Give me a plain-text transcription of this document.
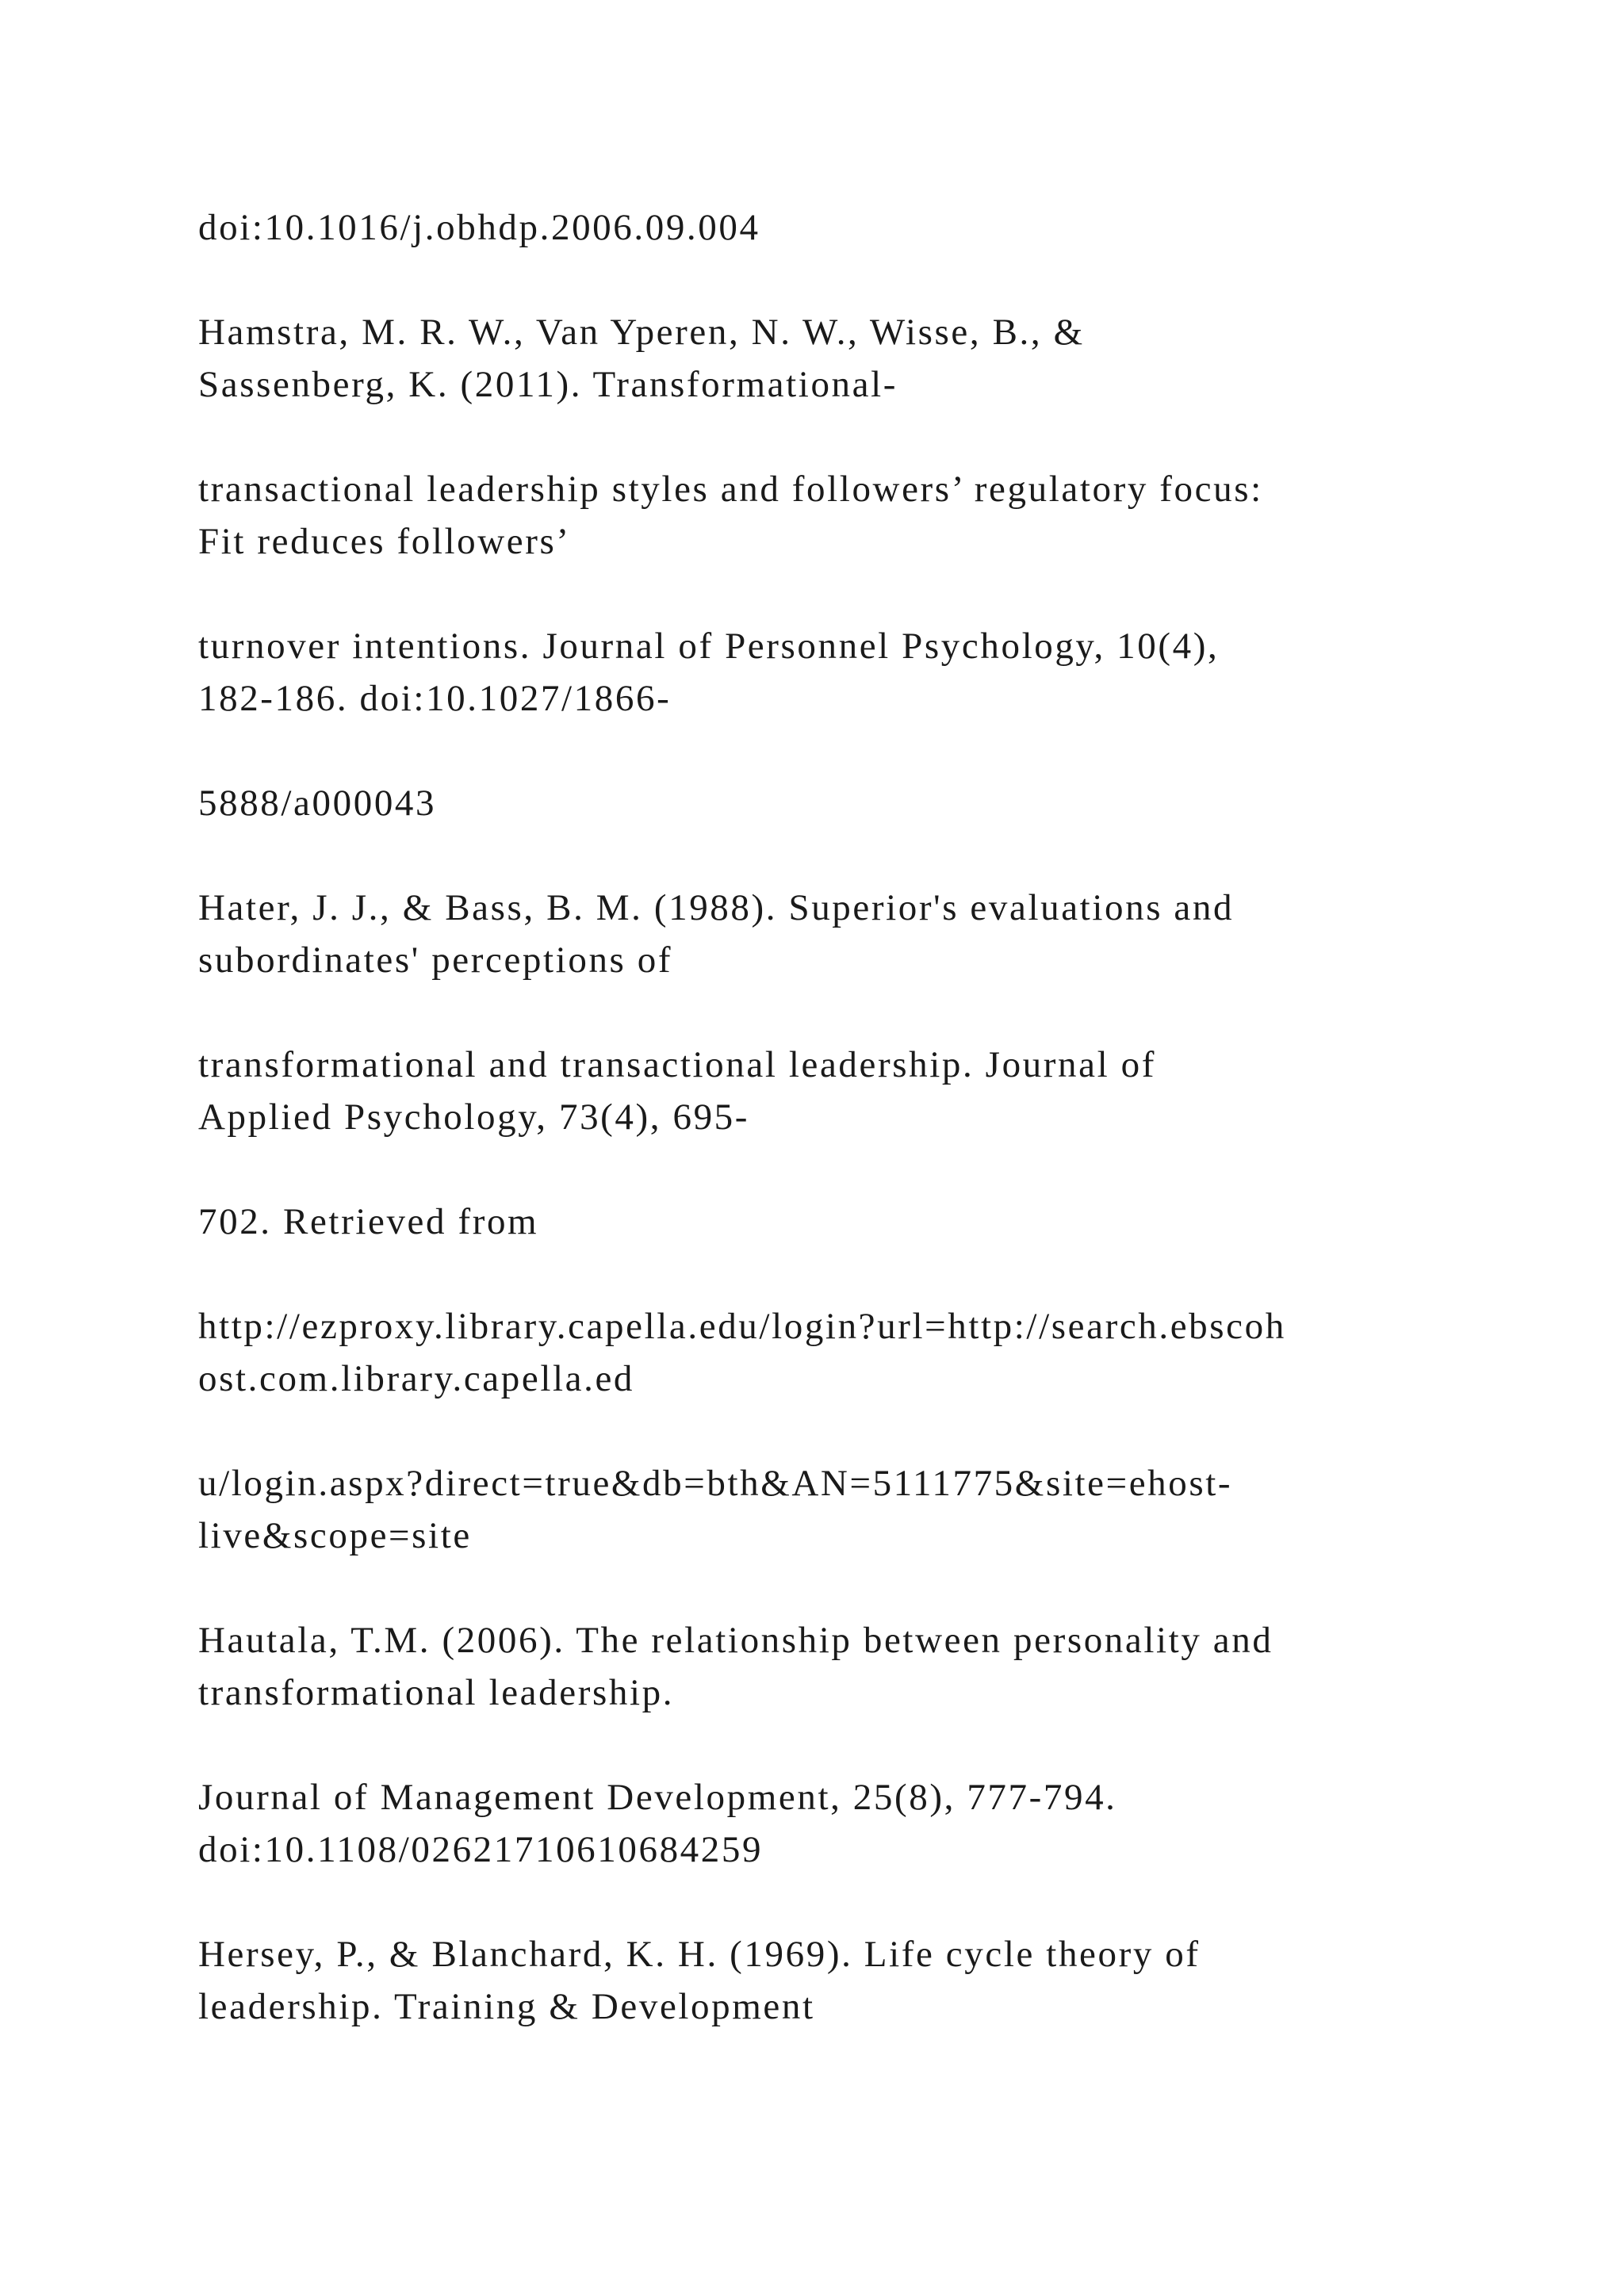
doi:10.1016/j.obhdp.2006.09.004

Hamstra, M. R. W., Van Yperen, N. W., Wisse, B., &
Sassenberg, K. (2011). Transformational-

transactional leadership styles and followers’ regulatory focus:
Fit reduces followers’

turnover intentions. Journal of Personnel Psychology, 10(4),
182-186. doi:10.1027/1866-

5888/a000043

Hater, J. J., & Bass, B. M. (1988). Superior's evaluations and
subordinates' perceptions of

transformational and transactional leadership. Journal of
Applied Psychology, 73(4), 695-

702. Retrieved from

http://ezproxy.library.capella.edu/login?url=http://search.ebscoh
ost.com.library.capella.ed

u/login.aspx?direct=true&db=bth&AN=5111775&site=ehost-
live&scope=site

Hautala, T.M. (2006). The relationship between personality and
transformational leadership.

Journal of Management Development, 25(8), 777-794.
doi:10.1108/02621710610684259

Hersey, P., & Blanchard, K. H. (1969). Life cycle theory of
leadership. Training & Development
